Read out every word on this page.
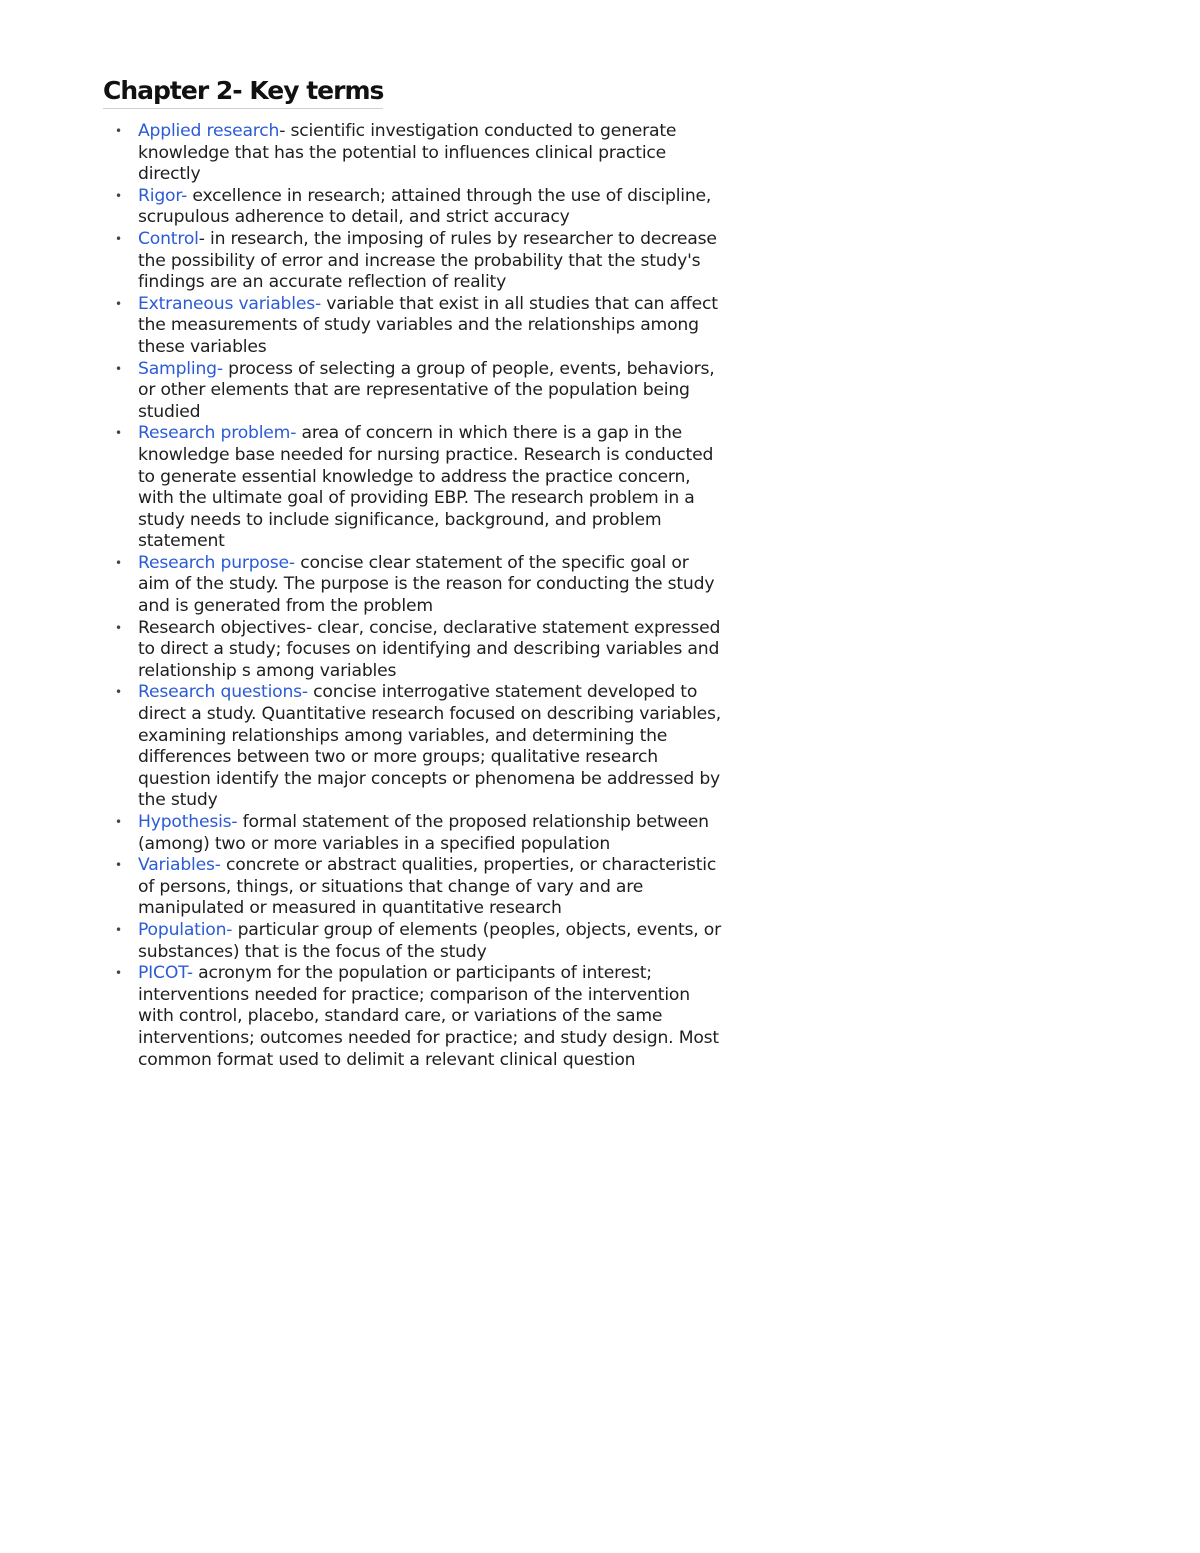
Chapter 2- Key terms
• Applied research- scientific investigation conducted to generate knowledge that has the potential to influences clinical practice directly
• Rigor- excellence in research; attained through the use of discipline, scrupulous adherence to detail, and strict accuracy
• Control- in research, the imposing of rules by researcher to decrease the possibility of error and increase the probability that the study's findings are an accurate reflection of reality
• Extraneous variables- variable that exist in all studies that can affect the measurements of study variables and the relationships among these variables
• Sampling- process of selecting a group of people, events, behaviors, or other elements that are representative of the population being studied
• Research problem- area of concern in which there is a gap in the knowledge base needed for nursing practice. Research is conducted to generate essential knowledge to address the practice concern, with the ultimate goal of providing EBP. The research problem in a study needs to include significance, background, and problem statement
• Research purpose- concise clear statement of the specific goal or aim of the study. The purpose is the reason for conducting the study and is generated from the problem
• Research objectives- clear, concise, declarative statement expressed to direct a study; focuses on identifying and describing variables and relationship s among variables
• Research questions- concise interrogative statement developed to direct a study. Quantitative research focused on describing variables, examining relationships among variables, and determining the differences between two or more groups; qualitative research question identify the major concepts or phenomena be addressed by the study
• Hypothesis- formal statement of the proposed relationship between (among) two or more variables in a specified population
• Variables- concrete or abstract qualities, properties, or characteristic of persons, things, or situations that change of vary and are manipulated or measured in quantitative research
• Population- particular group of elements (peoples, objects, events, or substances) that is the focus of the study
• PICOT- acronym for the population or participants of interest; interventions needed for practice; comparison of the intervention with control, placebo, standard care, or variations of the same interventions; outcomes needed for practice; and study design. Most common format used to delimit a relevant clinical question
